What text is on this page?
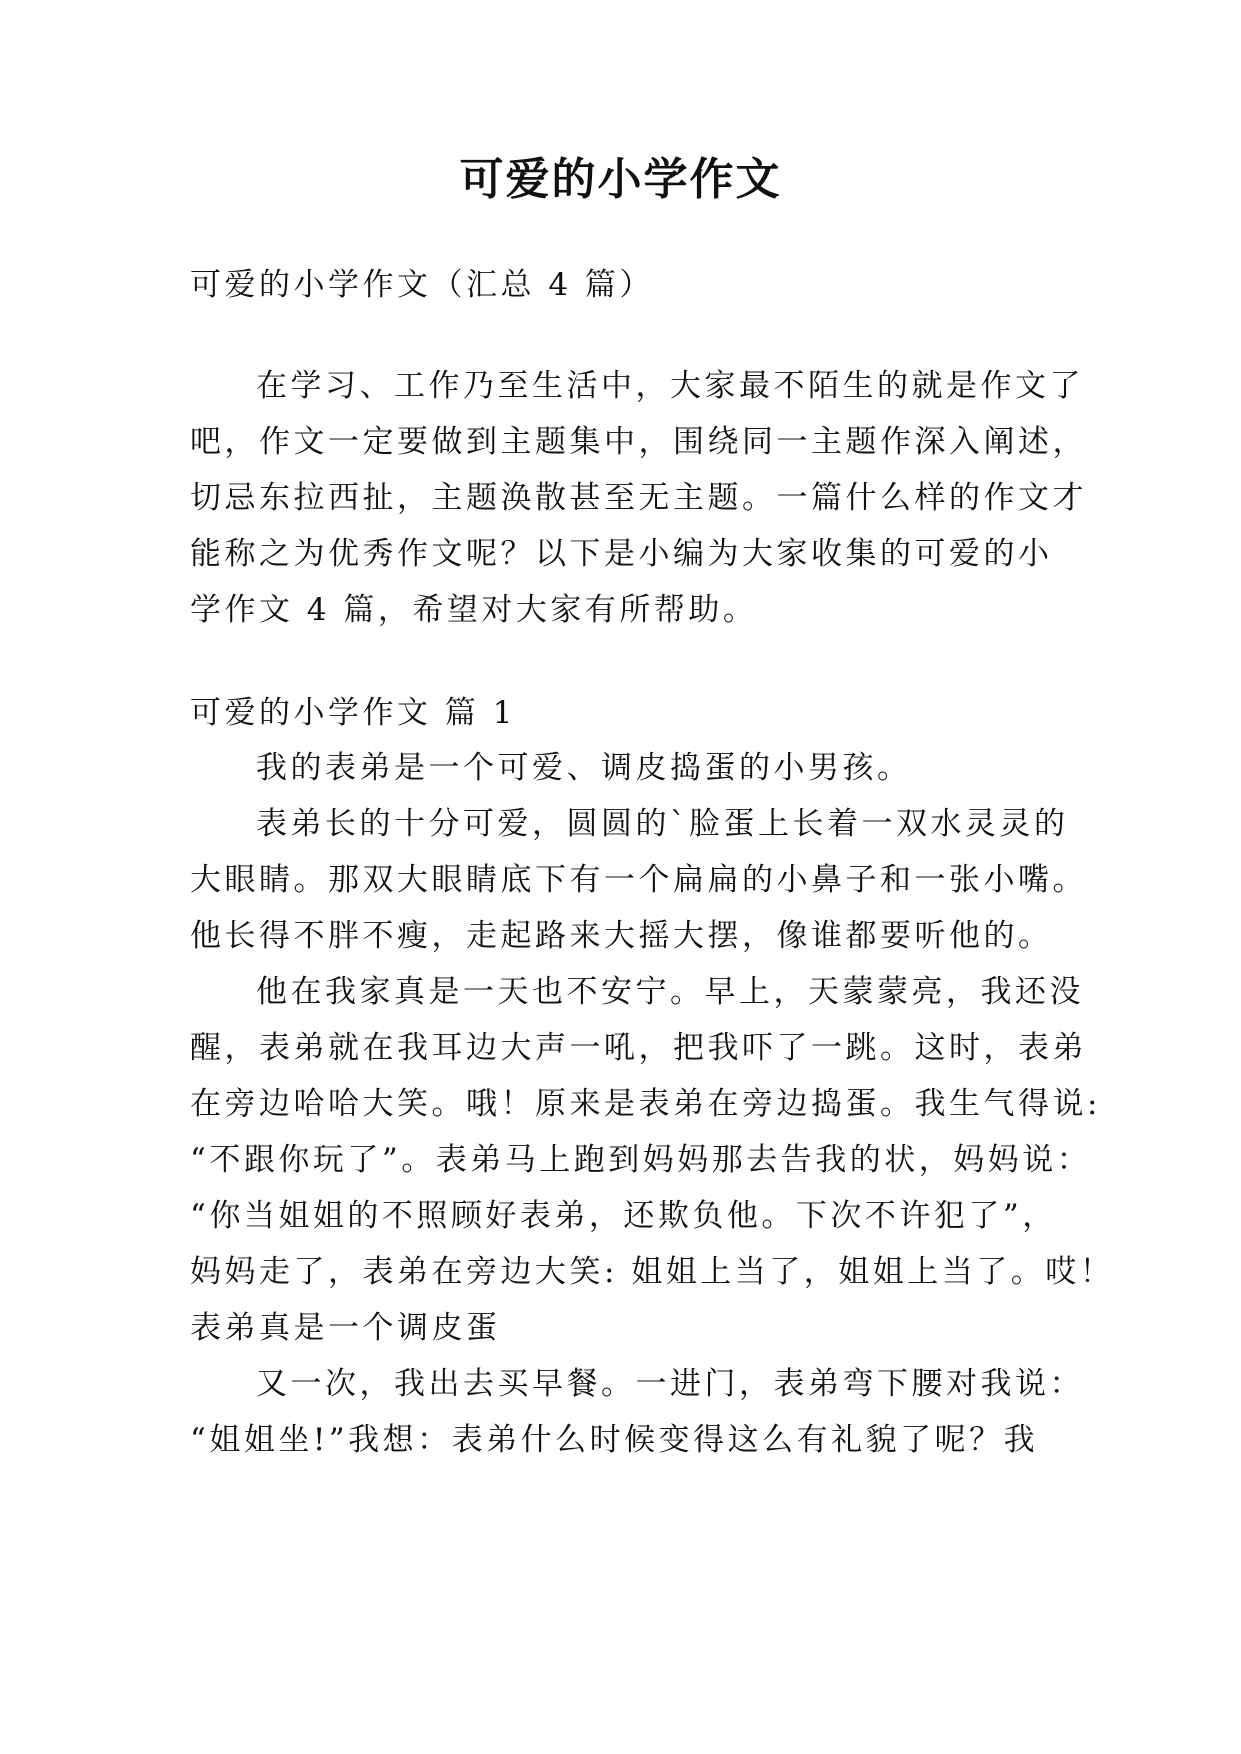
可爱的小学作文

可爱的小学作文（汇总 4 篇）

在学习、工作乃至生活中，大家最不陌生的就是作文了

吧，作文一定要做到主题集中，围绕同一主题作深入阐述，

切忌东拉西扯，主题涣散甚至无主题。一篇什么样的作文才

能称之为优秀作文呢？以下是小编为大家收集的可爱的小

学作文 4 篇，希望对大家有所帮助。

可爱的小学作文 篇 1

我的表弟是一个可爱、调皮捣蛋的小男孩。

表弟长的十分可爱，圆圆的`脸蛋上长着一双水灵灵的

大眼睛。那双大眼睛底下有一个扁扁的小鼻子和一张小嘴。

他长得不胖不瘦，走起路来大摇大摆，像谁都要听他的。

他在我家真是一天也不安宁。早上，天蒙蒙亮，我还没

醒，表弟就在我耳边大声一吼，把我吓了一跳。这时，表弟

在旁边哈哈大笑。哦！原来是表弟在旁边捣蛋。我生气得说:

“不跟你玩了”。表弟马上跑到妈妈那去告我的状，妈妈说：

“你当姐姐的不照顾好表弟，还欺负他。下次不许犯了”，

妈妈走了，表弟在旁边大笑: 姐姐上当了，姐姐上当了。哎！

表弟真是一个调皮蛋

又一次，我出去买早餐。一进门，表弟弯下腰对我说：

“姐姐坐!”我想：表弟什么时候变得这么有礼貌了呢？我
